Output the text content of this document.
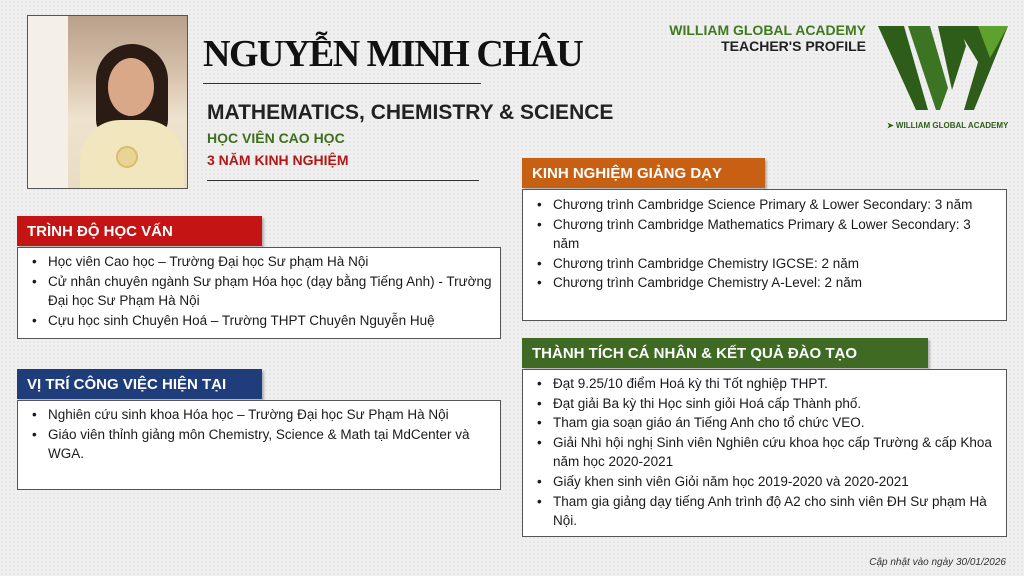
NGUYỄN MINH CHÂU
MATHEMATICS, CHEMISTRY & SCIENCE
HỌC VIÊN CAO HỌC
3 NĂM KINH NGHIỆM
WILLIAM GLOBAL ACADEMY
TEACHER'S PROFILE
➤ WILLIAM GLOBAL ACADEMY
TRÌNH ĐỘ HỌC VẤN
• Học viên Cao học – Trường Đại học Sư phạm Hà Nội
• Cử nhân chuyên ngành Sư phạm Hóa học (dạy bằng Tiếng Anh) - Trường Đại học Sư Phạm Hà Nội
• Cựu học sinh Chuyên Hoá – Trường THPT Chuyên Nguyễn Huệ
VỊ TRÍ CÔNG VIỆC HIỆN TẠI
• Nghiên cứu sinh khoa Hóa học – Trường Đại học Sư Phạm Hà Nội
• Giáo viên thỉnh giảng môn Chemistry, Science & Math tại MdCenter và WGA.
KINH NGHIỆM GIẢNG DẠY
• Chương trình Cambridge Science Primary & Lower Secondary: 3 năm
• Chương trình Cambridge Mathematics Primary & Lower Secondary: 3 năm
• Chương trình Cambridge Chemistry IGCSE: 2 năm
• Chương trình Cambridge Chemistry A-Level: 2 năm
THÀNH TÍCH CÁ NHÂN & KẾT QUẢ ĐÀO TẠO
• Đạt 9.25/10 điểm Hoá kỳ thi Tốt nghiệp THPT.
• Đạt giải Ba kỳ thi Học sinh giỏi Hoá cấp Thành phố.
• Tham gia soạn giáo án Tiếng Anh cho tổ chức VEO.
• Giải Nhì hội nghị Sinh viên Nghiên cứu khoa học cấp Trường & cấp Khoa năm học 2020-2021
• Giấy khen sinh viên Giỏi năm học 2019-2020 và 2020-2021
• Tham gia giảng dạy tiếng Anh trình độ A2 cho sinh viên ĐH Sư phạm Hà Nội.
Cập nhật vào ngày 30/01/2026
